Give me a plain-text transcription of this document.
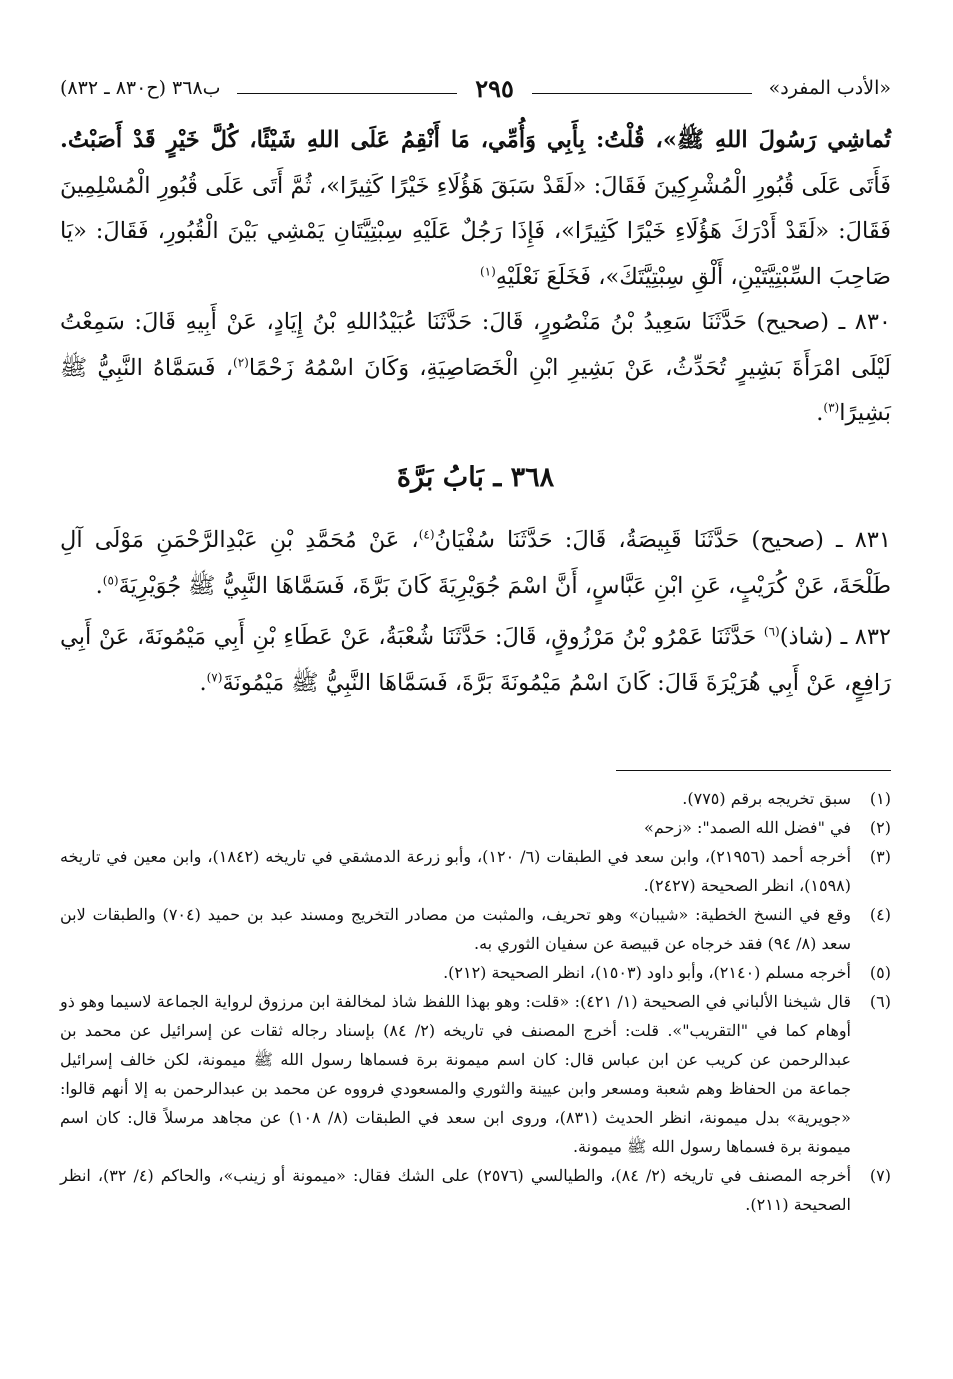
«الأدب المفرد»
٢٩٥
ب٣٦٨ (ح٨٣٠ ـ ٨٣٢)

تُماشِي رَسُولَ اللهِ ﷺ»، قُلْتُ: بِأَبِي وَأُمِّي، مَا أَنْقِمُ عَلَى اللهِ شَيْئًا، كُلَّ خَيْرٍ قَدْ أَصَبْتُ. فَأَتَى عَلَى قُبُورِ الْمُشْرِكِينَ فَقَالَ: «لَقَدْ سَبَقَ هَؤُلَاءِ خَيْرًا كَثِيرًا»، ثُمَّ أَتَى عَلَى قُبُورِ الْمُسْلِمِينَ فَقَالَ: «لَقَدْ أَدْرَكَ هَؤُلَاءِ خَيْرًا كَثِيرًا»، فَإِذَا رَجُلٌ عَلَيْهِ سِبْتِيَّتَانِ يَمْشِي بَيْنَ الْقُبُورِ، فَقَالَ: «يَا صَاحِبَ السِّبْتِيَّتَيْنِ، أَلْقِ سِبْتِيَّتَكَ»، فَخَلَعَ نَعْلَيْهِ$^{(١)}$

٨٣٠ ـ (صحيح) حَدَّثَنَا سَعِيدُ بْنُ مَنْصُورٍ، قَالَ: حَدَّثَنَا عُبَيْدُاللهِ بْنُ إِيَادٍ، عَنْ أَبِيهِ قَالَ: سَمِعْتُ لَيْلَى امْرَأَةَ بَشِيرٍ تُحَدِّثُ، عَنْ بَشِيرِ ابْنِ الْخَصَاصِيَةِ، وَكَانَ اسْمُهُ زَحْمًا$^{(٢)}$، فَسَمَّاهُ النَّبِيُّ ﷺ بَشِيرًا$^{(٣)}$.

٣٦٨ ـ بَابُ بَرَّةَ

٨٣١ ـ (صحيح) حَدَّثَنَا قَبِيصَةُ، قَالَ: حَدَّثَنَا سُفْيَانُ$^{(٤)}$، عَنْ مُحَمَّدِ بْنِ عَبْدِالرَّحْمَنِ مَوْلَى آلِ طَلْحَةَ، عَنْ كُرَيْبٍ، عَنِ ابْنِ عَبَّاسٍ، أَنَّ اسْمَ جُوَيْرِيَةَ كَانَ بَرَّةَ، فَسَمَّاهَا النَّبِيُّ ﷺ جُوَيْرِيَةَ$^{(٥)}$.

٨٣٢ ـ (شاذ)$^{(٦)}$ حَدَّثَنَا عَمْرُو بْنُ مَرْزُوقٍ، قَالَ: حَدَّثَنَا شُعْبَةُ، عَنْ عَطَاءِ بْنِ أَبِي مَيْمُونَةَ، عَنْ أَبِي رَافِعٍ، عَنْ أَبِي هُرَيْرَةَ قَالَ: كَانَ اسْمُ مَيْمُونَةَ بَرَّةَ، فَسَمَّاهَا النَّبِيُّ ﷺ مَيْمُونَةَ$^{(٧)}$.

(١)
سبق تخريجه برقم (٧٧٥).
(٢)
في "فضل الله الصمد": «زحم»
(٣)
أخرجه أحمد (٢١٩٥٦)، وابن سعد في الطبقات (٦/ ١٢٠)، وأبو زرعة الدمشقي في تاريخه (١٨٤٢)، وابن معين في تاريخه (١٥٩٨)، انظر الصحيحة (٢٤٢٧).
(٤)
وقع في النسخ الخطية: «شيبان» وهو تحريف، والمثبت من مصادر التخريج ومسند عبد بن حميد (٧٠٤) والطبقات لابن سعد (٨/ ٩٤) فقد خرجاه عن قبيصة عن سفيان الثوري به.
(٥)
أخرجه مسلم (٢١٤٠)، وأبو داود (١٥٠٣)، انظر الصحيحة (٢١٢).
(٦)
قال شيخنا الألباني في الصحيحة (١/ ٤٢١): «قلت: وهو بهذا اللفظ شاذ لمخالفة ابن مرزوق لرواية الجماعة لاسيما وهو ذو أوهام كما في "التقريب"». قلت: أخرج المصنف في تاريخه (٢/ ٨٤) بإسناد رجاله ثقات عن إسرائيل عن محمد بن عبدالرحمن عن كريب عن ابن عباس قال: كان اسم ميمونة برة فسماها رسول الله ﷺ ميمونة، لكن خالف إسرائيل جماعة من الحفاظ وهم شعبة ومسعر وابن عيينة والثوري والمسعودي فرووه عن محمد بن عبدالرحمن به إلا أنهم قالوا: «جويرية» بدل ميمونة، انظر الحديث (٨٣١)، وروى ابن سعد في الطبقات (٨/ ١٠٨) عن مجاهد مرسلاً قال: كان اسم ميمونة برة فسماها رسول الله ﷺ ميمونة.
(٧)
أخرجه المصنف في تاريخه (٢/ ٨٤)، والطيالسي (٢٥٧٦) على الشك فقال: «ميمونة أو زينب»، والحاكم (٤/ ٣٢)، انظر الصحيحة (٢١١).
